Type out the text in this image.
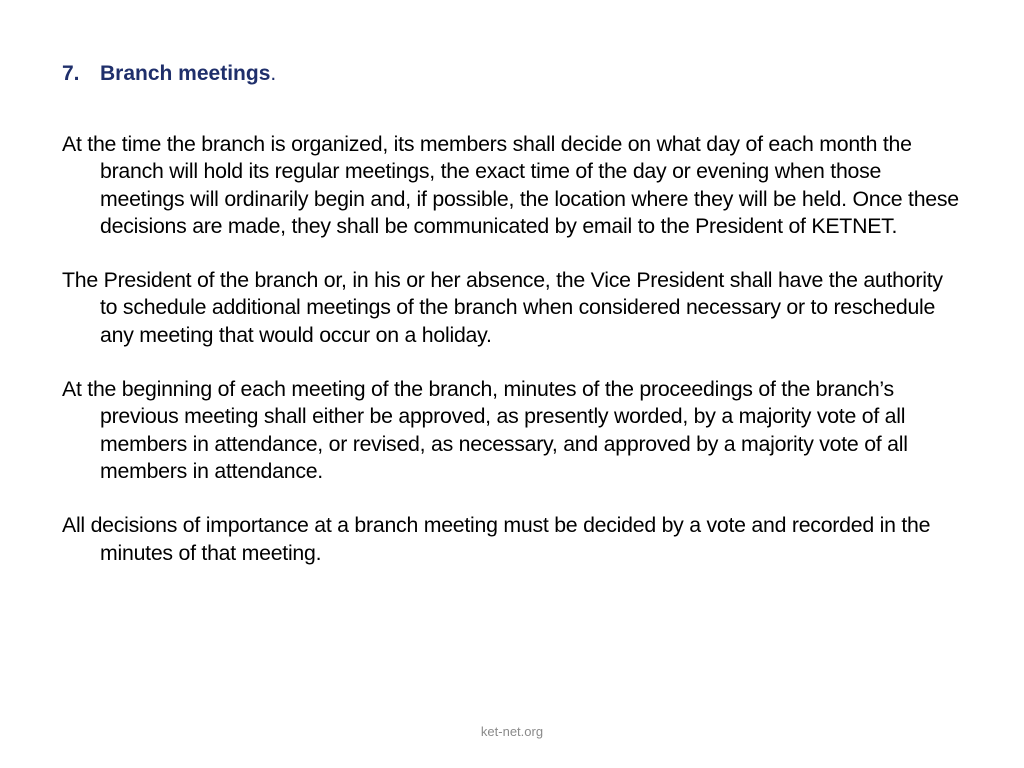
7. Branch meetings .

At the time the branch is organized, its members shall decide on what day of each month the branch will hold its regular meetings, the exact time of the day or evening when those meetings will ordinarily begin and, if possible, the location where they will be held. Once these decisions are made, they shall be communicated by email to the President of KETNET.

The President of the branch or, in his or her absence, the Vice President shall have the authority to schedule additional meetings of the branch when considered necessary or to reschedule any meeting that would occur on a holiday.

At the beginning of each meeting of the branch, minutes of the proceedings of the branch’s previous meeting shall either be approved, as presently worded, by a majority vote of all members in attendance, or revised, as necessary, and approved by a majority vote of all members in attendance.

All decisions of importance at a branch meeting must be decided by a vote and recorded in the minutes of that meeting.

ket-net.org
